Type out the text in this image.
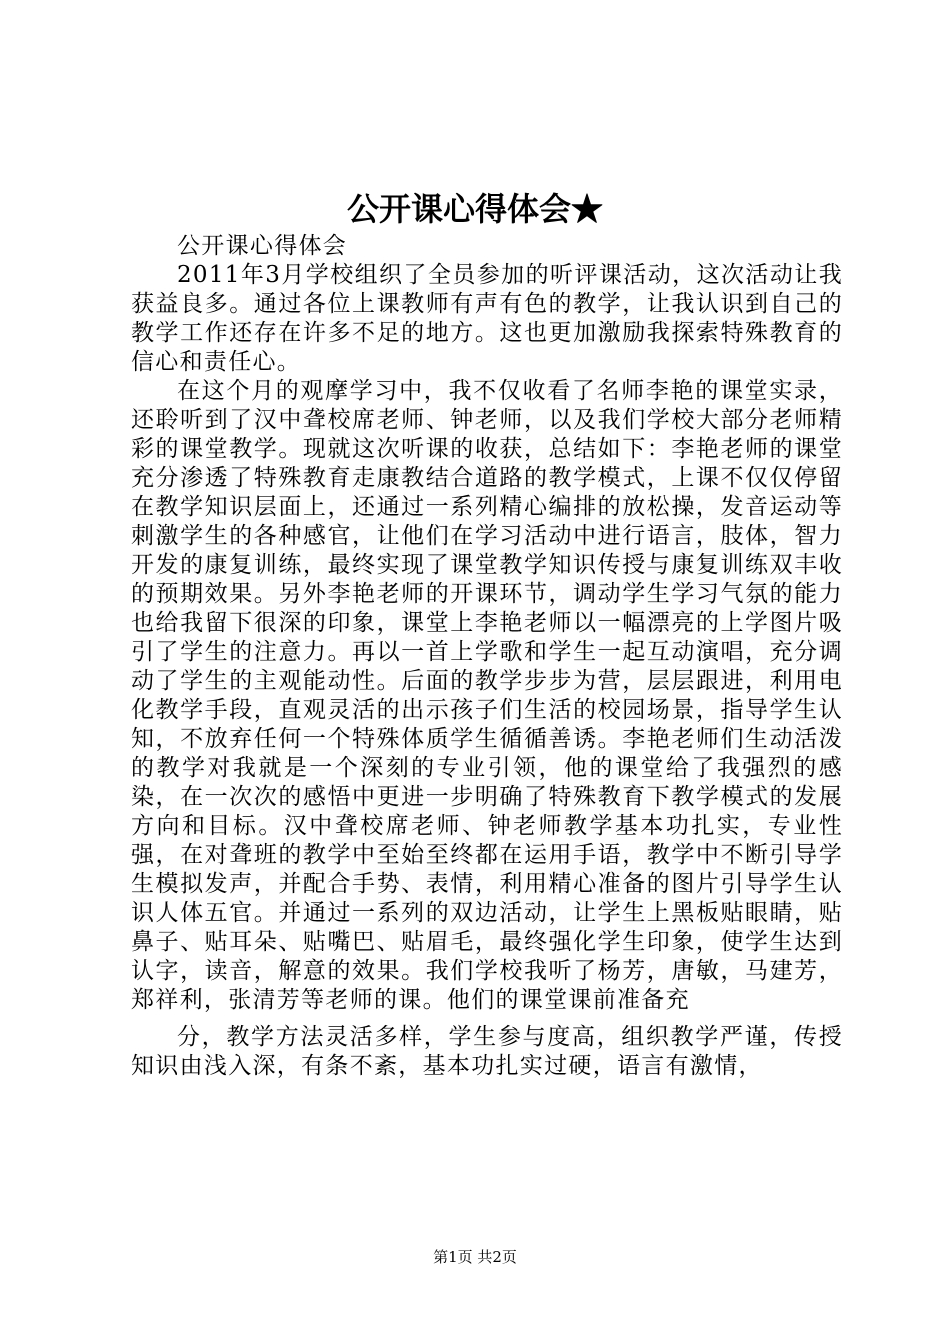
公开课心得体会★

公开课心得体会

2011年3月学校组织了全员参加的听评课活动，这次活动让我获益良多。通过各位上课教师有声有色的教学，让我认识到自己的教学工作还存在许多不足的地方。这也更加激励我探索特殊教育的信心和责任心。

在这个月的观摩学习中，我不仅收看了名师李艳的课堂实录，还聆听到了汉中聋校席老师、钟老师，以及我们学校大部分老师精彩的课堂教学。现就这次听课的收获，总结如下：李艳老师的课堂充分渗透了特殊教育走康教结合道路的教学模式，上课不仅仅停留在教学知识层面上，还通过一系列精心编排的放松操，发音运动等刺激学生的各种感官，让他们在学习活动中进行语言，肢体，智力开发的康复训练，最终实现了课堂教学知识传授与康复训练双丰收的预期效果。另外李艳老师的开课环节，调动学生学习气氛的能力也给我留下很深的印象，课堂上李艳老师以一幅漂亮的上学图片吸引了学生的注意力。再以一首上学歌和学生一起互动演唱，充分调动了学生的主观能动性。后面的教学步步为营，层层跟进，利用电化教学手段，直观灵活的出示孩子们生活的校园场景，指导学生认知，不放弃任何一个特殊体质学生循循善诱。李艳老师们生动活泼的教学对我就是一个深刻的专业引领，他的课堂给了我强烈的感染，在一次次的感悟中更进一步明确了特殊教育下教学模式的发展方向和目标。汉中聋校席老师、钟老师教学基本功扎实，专业性强，在对聋班的教学中至始至终都在运用手语，教学中不断引导学生模拟发声，并配合手势、表情，利用精心准备的图片引导学生认识人体五官。并通过一系列的双边活动，让学生上黑板贴眼睛，贴鼻子、贴耳朵、贴嘴巴、贴眉毛，最终强化学生印象，使学生达到认字，读音，解意的效果。我们学校我听了杨芳，唐敏，马建芳，郑祥利，张清芳等老师的课。他们的课堂课前准备充

分，教学方法灵活多样，学生参与度高，组织教学严谨，传授知识由浅入深，有条不紊，基本功扎实过硬，语言有激情，

第1页 共2页
